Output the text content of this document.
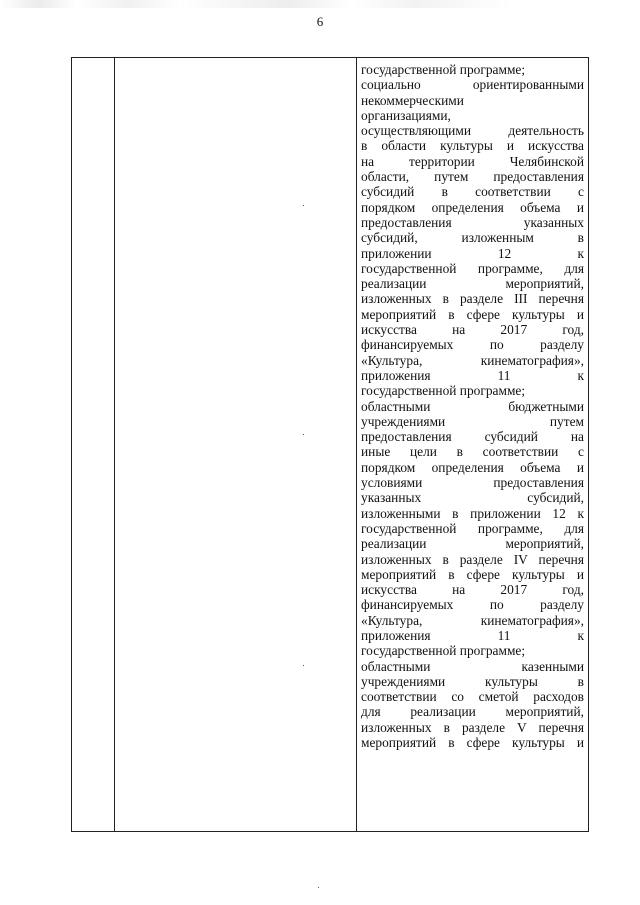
6

государственной программе;
социально ориентированными
некоммерческими
организациями,
осуществляющими деятельность
в области культуры и искусства
на территории Челябинской
области, путем предоставления
субсидий в соответствии с
порядком определения объема и
предоставления указанных
субсидий, изложенным в
приложении 12 к
государственной программе, для
реализации мероприятий,
изложенных в разделе III перечня
мероприятий в сфере культуры и
искусства на 2017 год,
финансируемых по разделу
«Культура, кинематография»,
приложения 11 к
государственной программе;
областными бюджетными
учреждениями путем
предоставления субсидий на
иные цели в соответствии с
порядком определения объема и
условиями предоставления
указанных субсидий,
изложенными в приложении 12 к
государственной программе, для
реализации мероприятий,
изложенных в разделе IV перечня
мероприятий в сфере культуры и
искусства на 2017 год,
финансируемых по разделу
«Культура, кинематография»,
приложения 11 к
государственной программе;
областными казенными
учреждениями культуры в
соответствии со сметой расходов
для реализации мероприятий,
изложенных в разделе V перечня
мероприятий в сфере культуры и
